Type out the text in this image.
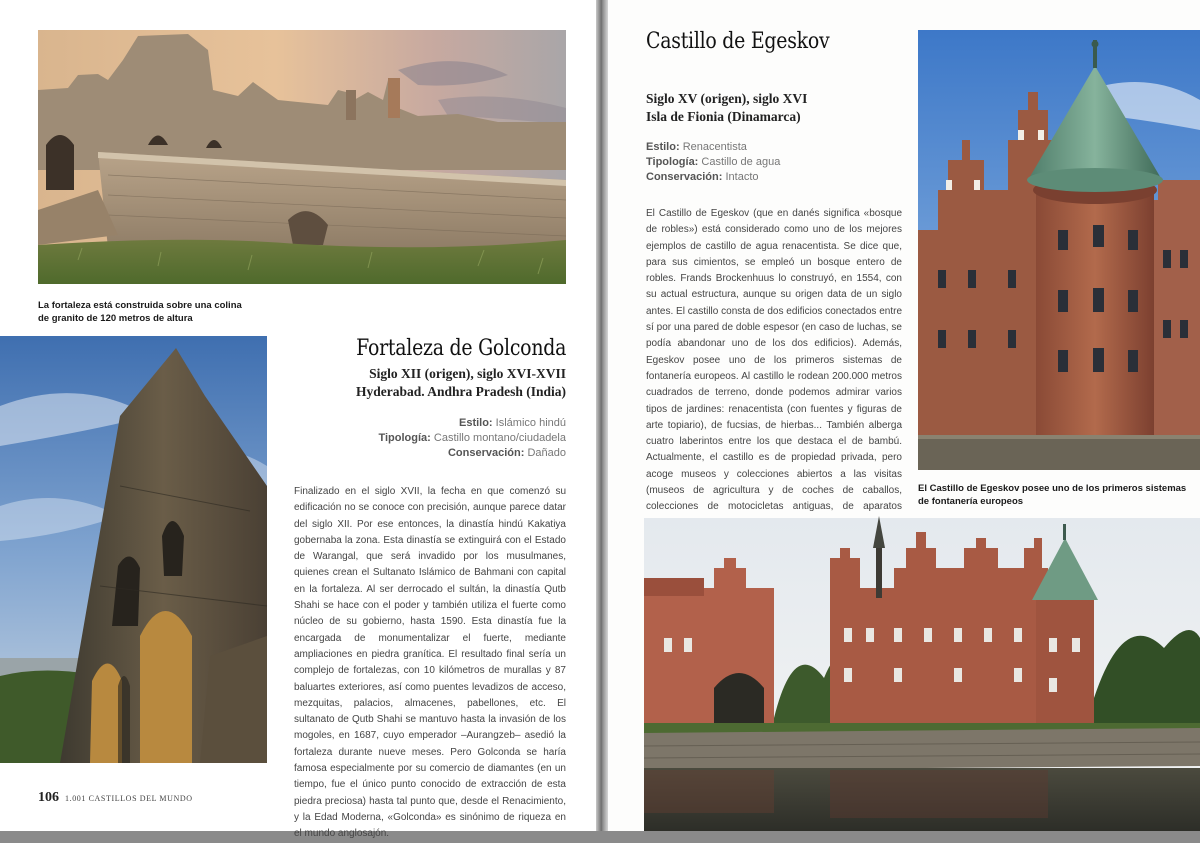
La fortaleza está construida sobre una colina de granito de 120 metros de altura
Fortaleza de Golconda
Siglo XII (origen), siglo XVI-XVII
Hyderabad. Andhra Pradesh (India)
Estilo: Islámico hindú
Tipología: Castillo montano/ciudadela
Conservación: Dañado
Finalizado en el siglo XVII, la fecha en que comenzó su edificación no se conoce con precisión, aunque parece datar del siglo XII. Por ese entonces, la dinastía hindú Kakatiya gobernaba la zona. Esta dinastía se extinguirá con el Estado de Warangal, que será invadido por los musulmanes, quienes crean el Sultanato Islámico de Bahmani con capital en la fortaleza. Al ser derrocado el sultán, la dinastía Qutb Shahi se hace con el poder y también utiliza el fuerte como núcleo de su gobierno, hasta 1590. Esta dinastía fue la encargada de monumentalizar el fuerte, mediante ampliaciones en piedra granítica. El resultado final sería un complejo de fortalezas, con 10 kilómetros de murallas y 87 baluartes exteriores, así como puentes levadizos de acceso, mezquitas, palacios, almacenes, pabellones, etc. El sultanato de Qutb Shahi se mantuvo hasta la invasión de los mogoles, en 1687, cuyo emperador –Aurangzeb– asedió la fortaleza durante nueve meses. Pero Golconda se haría famosa especialmente por su comercio de diamantes (en un tiempo, fue el único punto conocido de extracción de esta piedra preciosa) hasta tal punto que, desde el Renacimiento, y la Edad Moderna, «Golconda» es sinónimo de riqueza en el mundo anglosajón.
106 1.001 CASTILLOS DEL MUNDO
Castillo de Egeskov
Siglo XV (origen), siglo XVI
Isla de Fionia (Dinamarca)
Estilo: Renacentista
Tipología: Castillo de agua
Conservación: Intacto
El Castillo de Egeskov (que en danés significa «bosque de robles») está considerado como uno de los mejores ejemplos de castillo de agua renacentista. Se dice que, para sus cimientos, se empleó un bosque entero de robles. Frands Brockenhuus lo construyó, en 1554, con su actual estructura, aunque su origen data de un siglo antes. El castillo consta de dos edificios conectados entre sí por una pared de doble espesor (en caso de luchas, se podía abandonar uno de los dos edificios). Además, Egeskov posee uno de los primeros sistemas de fontanería europeos. Al castillo le rodean 200.000 metros cuadrados de terreno, donde podemos admirar varios tipos de jardines: renacentista (con fuentes y figuras de arte topiario), de fucsias, de hierbas... También alberga cuatro laberintos entre los que destaca el de bambú. Actualmente, el castillo es de propiedad privada, pero acoge museos y colecciones abiertos a las visitas (museos de agricultura y de coches de caballos, colecciones de motocicletas antiguas, de aparatos
El Castillo de Egeskov posee uno de los primeros sistemas de fontanería europeos
